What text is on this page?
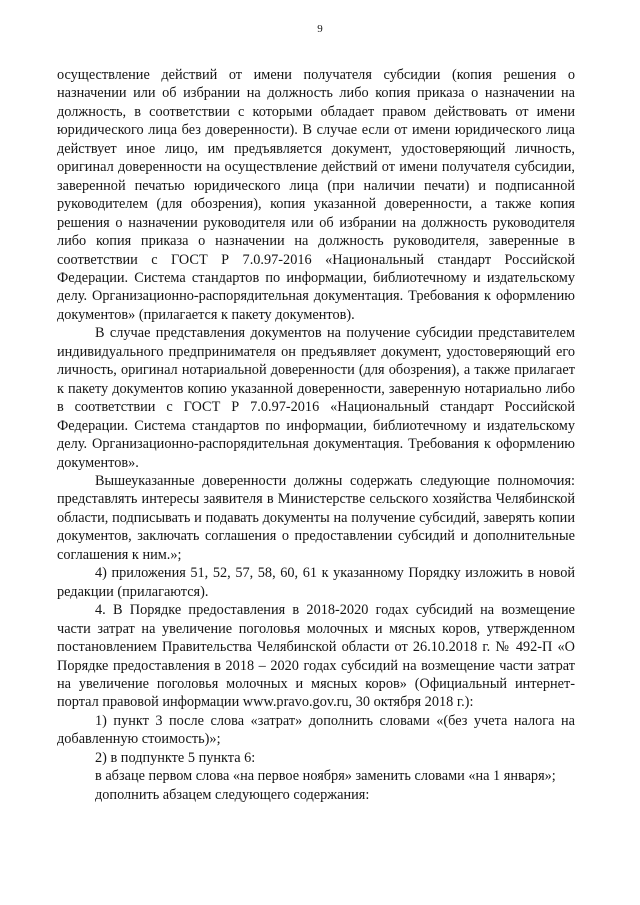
9

осуществление действий от имени получателя субсидии (копия решения о назначении или об избрании на должность либо копия приказа о назначении на должность, в соответствии с которыми обладает правом действовать от имени юридического лица без доверенности). В случае если от имени юридического лица действует иное лицо, им предъявляется документ, удостоверяющий личность, оригинал доверенности на осуществление действий от имени получателя субсидии, заверенной печатью юридического лица (при наличии печати) и подписанной руководителем (для обозрения), копия указанной доверенности, а также копия решения о назначении руководителя или об избрании на должность руководителя либо копия приказа о назначении на должность руководителя, заверенные в соответствии с ГОСТ Р 7.0.97-2016 «Национальный стандарт Российской Федерации. Система стандартов по информации, библиотечному и издательскому делу. Организационно-распорядительная документация. Требования к оформлению документов» (прилагается к пакету документов).

В случае представления документов на получение субсидии представителем индивидуального предпринимателя он предъявляет документ, удостоверяющий его личность, оригинал нотариальной доверенности (для обозрения), а также прилагает к пакету документов копию указанной доверенности, заверенную нотариально либо в соответствии с ГОСТ Р 7.0.97-2016 «Национальный стандарт Российской Федерации. Система стандартов по информации, библиотечному и издательскому делу. Организационно-распорядительная документация. Требования к оформлению документов».

Вышеуказанные доверенности должны содержать следующие полномочия: представлять интересы заявителя в Министерстве сельского хозяйства Челябинской области, подписывать и подавать документы на получение субсидий, заверять копии документов, заключать соглашения о предоставлении субсидий и дополнительные соглашения к ним.»;

4) приложения 51, 52, 57, 58, 60, 61 к указанному Порядку изложить в новой редакции (прилагаются).

4. В Порядке предоставления в 2018-2020 годах субсидий на возмещение части затрат на увеличение поголовья молочных и мясных коров, утвержденном постановлением Правительства Челябинской области от 26.10.2018 г. № 492-П «О Порядке предоставления в 2018 – 2020 годах субсидий на возмещение части затрат на увеличение поголовья молочных и мясных коров» (Официальный интернет-портал правовой информации www.pravo.gov.ru, 30 октября 2018 г.):

1) пункт 3 после слова «затрат» дополнить словами «(без учета налога на добавленную стоимость)»;

2) в подпункте 5 пункта 6:

в абзаце первом слова «на первое ноября» заменить словами «на 1 января»;

дополнить абзацем следующего содержания:
